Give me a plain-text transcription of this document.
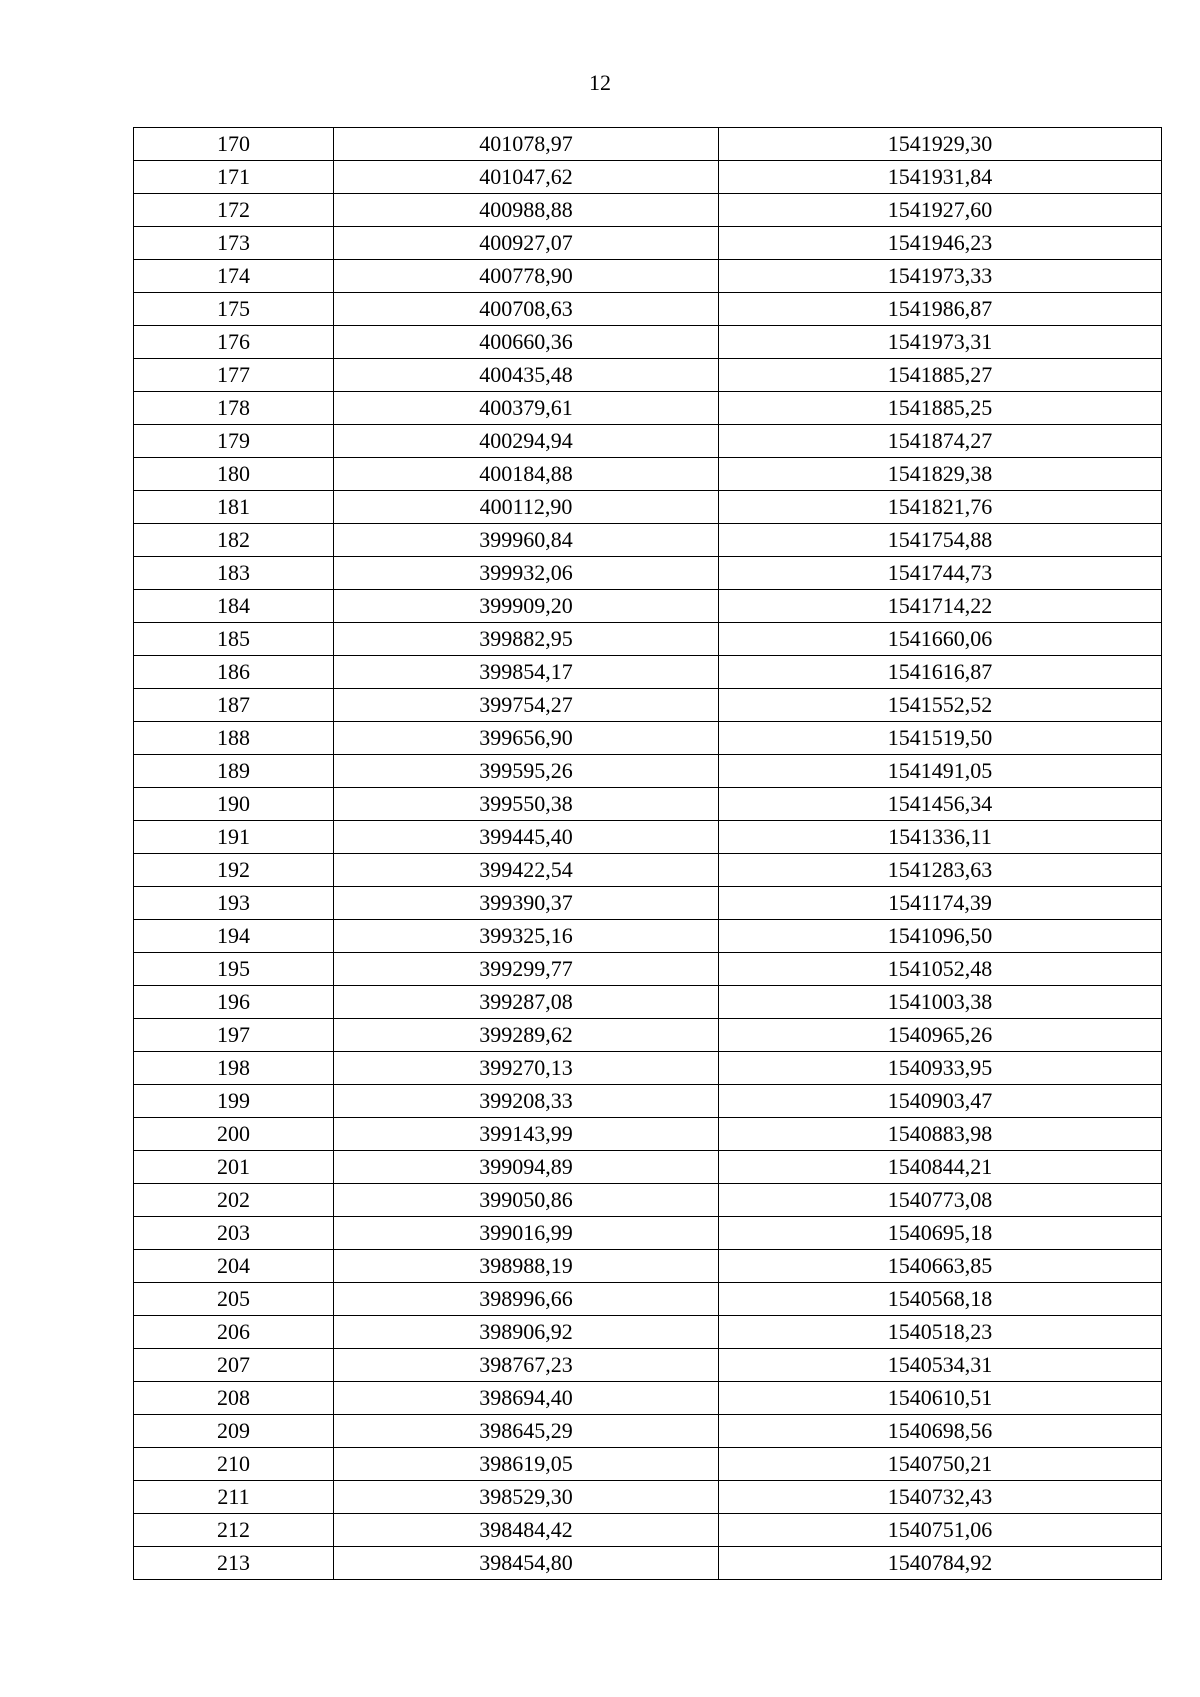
12
170	401078,97	1541929,30
171	401047,62	1541931,84
172	400988,88	1541927,60
173	400927,07	1541946,23
174	400778,90	1541973,33
175	400708,63	1541986,87
176	400660,36	1541973,31
177	400435,48	1541885,27
178	400379,61	1541885,25
179	400294,94	1541874,27
180	400184,88	1541829,38
181	400112,90	1541821,76
182	399960,84	1541754,88
183	399932,06	1541744,73
184	399909,20	1541714,22
185	399882,95	1541660,06
186	399854,17	1541616,87
187	399754,27	1541552,52
188	399656,90	1541519,50
189	399595,26	1541491,05
190	399550,38	1541456,34
191	399445,40	1541336,11
192	399422,54	1541283,63
193	399390,37	1541174,39
194	399325,16	1541096,50
195	399299,77	1541052,48
196	399287,08	1541003,38
197	399289,62	1540965,26
198	399270,13	1540933,95
199	399208,33	1540903,47
200	399143,99	1540883,98
201	399094,89	1540844,21
202	399050,86	1540773,08
203	399016,99	1540695,18
204	398988,19	1540663,85
205	398996,66	1540568,18
206	398906,92	1540518,23
207	398767,23	1540534,31
208	398694,40	1540610,51
209	398645,29	1540698,56
210	398619,05	1540750,21
211	398529,30	1540732,43
212	398484,42	1540751,06
213	398454,80	1540784,92
